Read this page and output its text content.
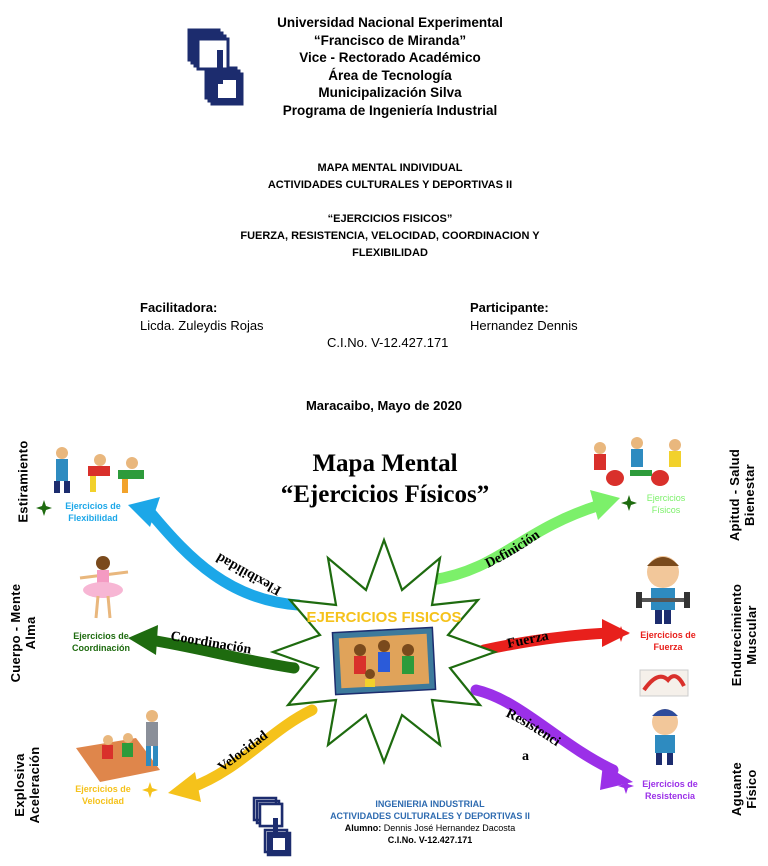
Universidad Nacional Experimental
“Francisco de Miranda”
Vice - Rectorado Académico
Área de Tecnología
Municipalización Silva
Programa de Ingeniería Industrial
MAPA MENTAL INDIVIDUAL
ACTIVIDADES CULTURALES Y DEPORTIVAS II
“EJERCICIOS FISICOS”
FUERZA, RESISTENCIA, VELOCIDAD, COORDINACION Y
FLEXIBILIDAD
Facilitadora:
Licda. Zuleydis Rojas
Participante:
Hernandez Dennis
C.I.No. V-12.427.171
Maracaibo, Mayo de 2020
Mapa Mental
“Ejercicios Físicos”
Flexibilidad
Coordinación
Velocidad
Definición
Fuerza
Resistenci
a
EJERCICIOS FISICOS
Ejercicios de
Flexibilidad
Ejercicios de
Coordinación
Ejercicios de
Velocidad
Ejercicios
Físicos
Ejercicios de
Fuerza
Ejercicios de
Resistencia
Estiramiento
Cuerpo - Mente Alma
Explosiva Aceleración
Apitud - Salud Bienestar
Endurecimiento Muscular
Aguante Físico
INGENIERIA INDUSTRIAL
ACTIVIDADES CULTURALES Y DEPORTIVAS II
Alumno: Dennis José Hernandez Dacosta
C.I.No. V-12.427.171
